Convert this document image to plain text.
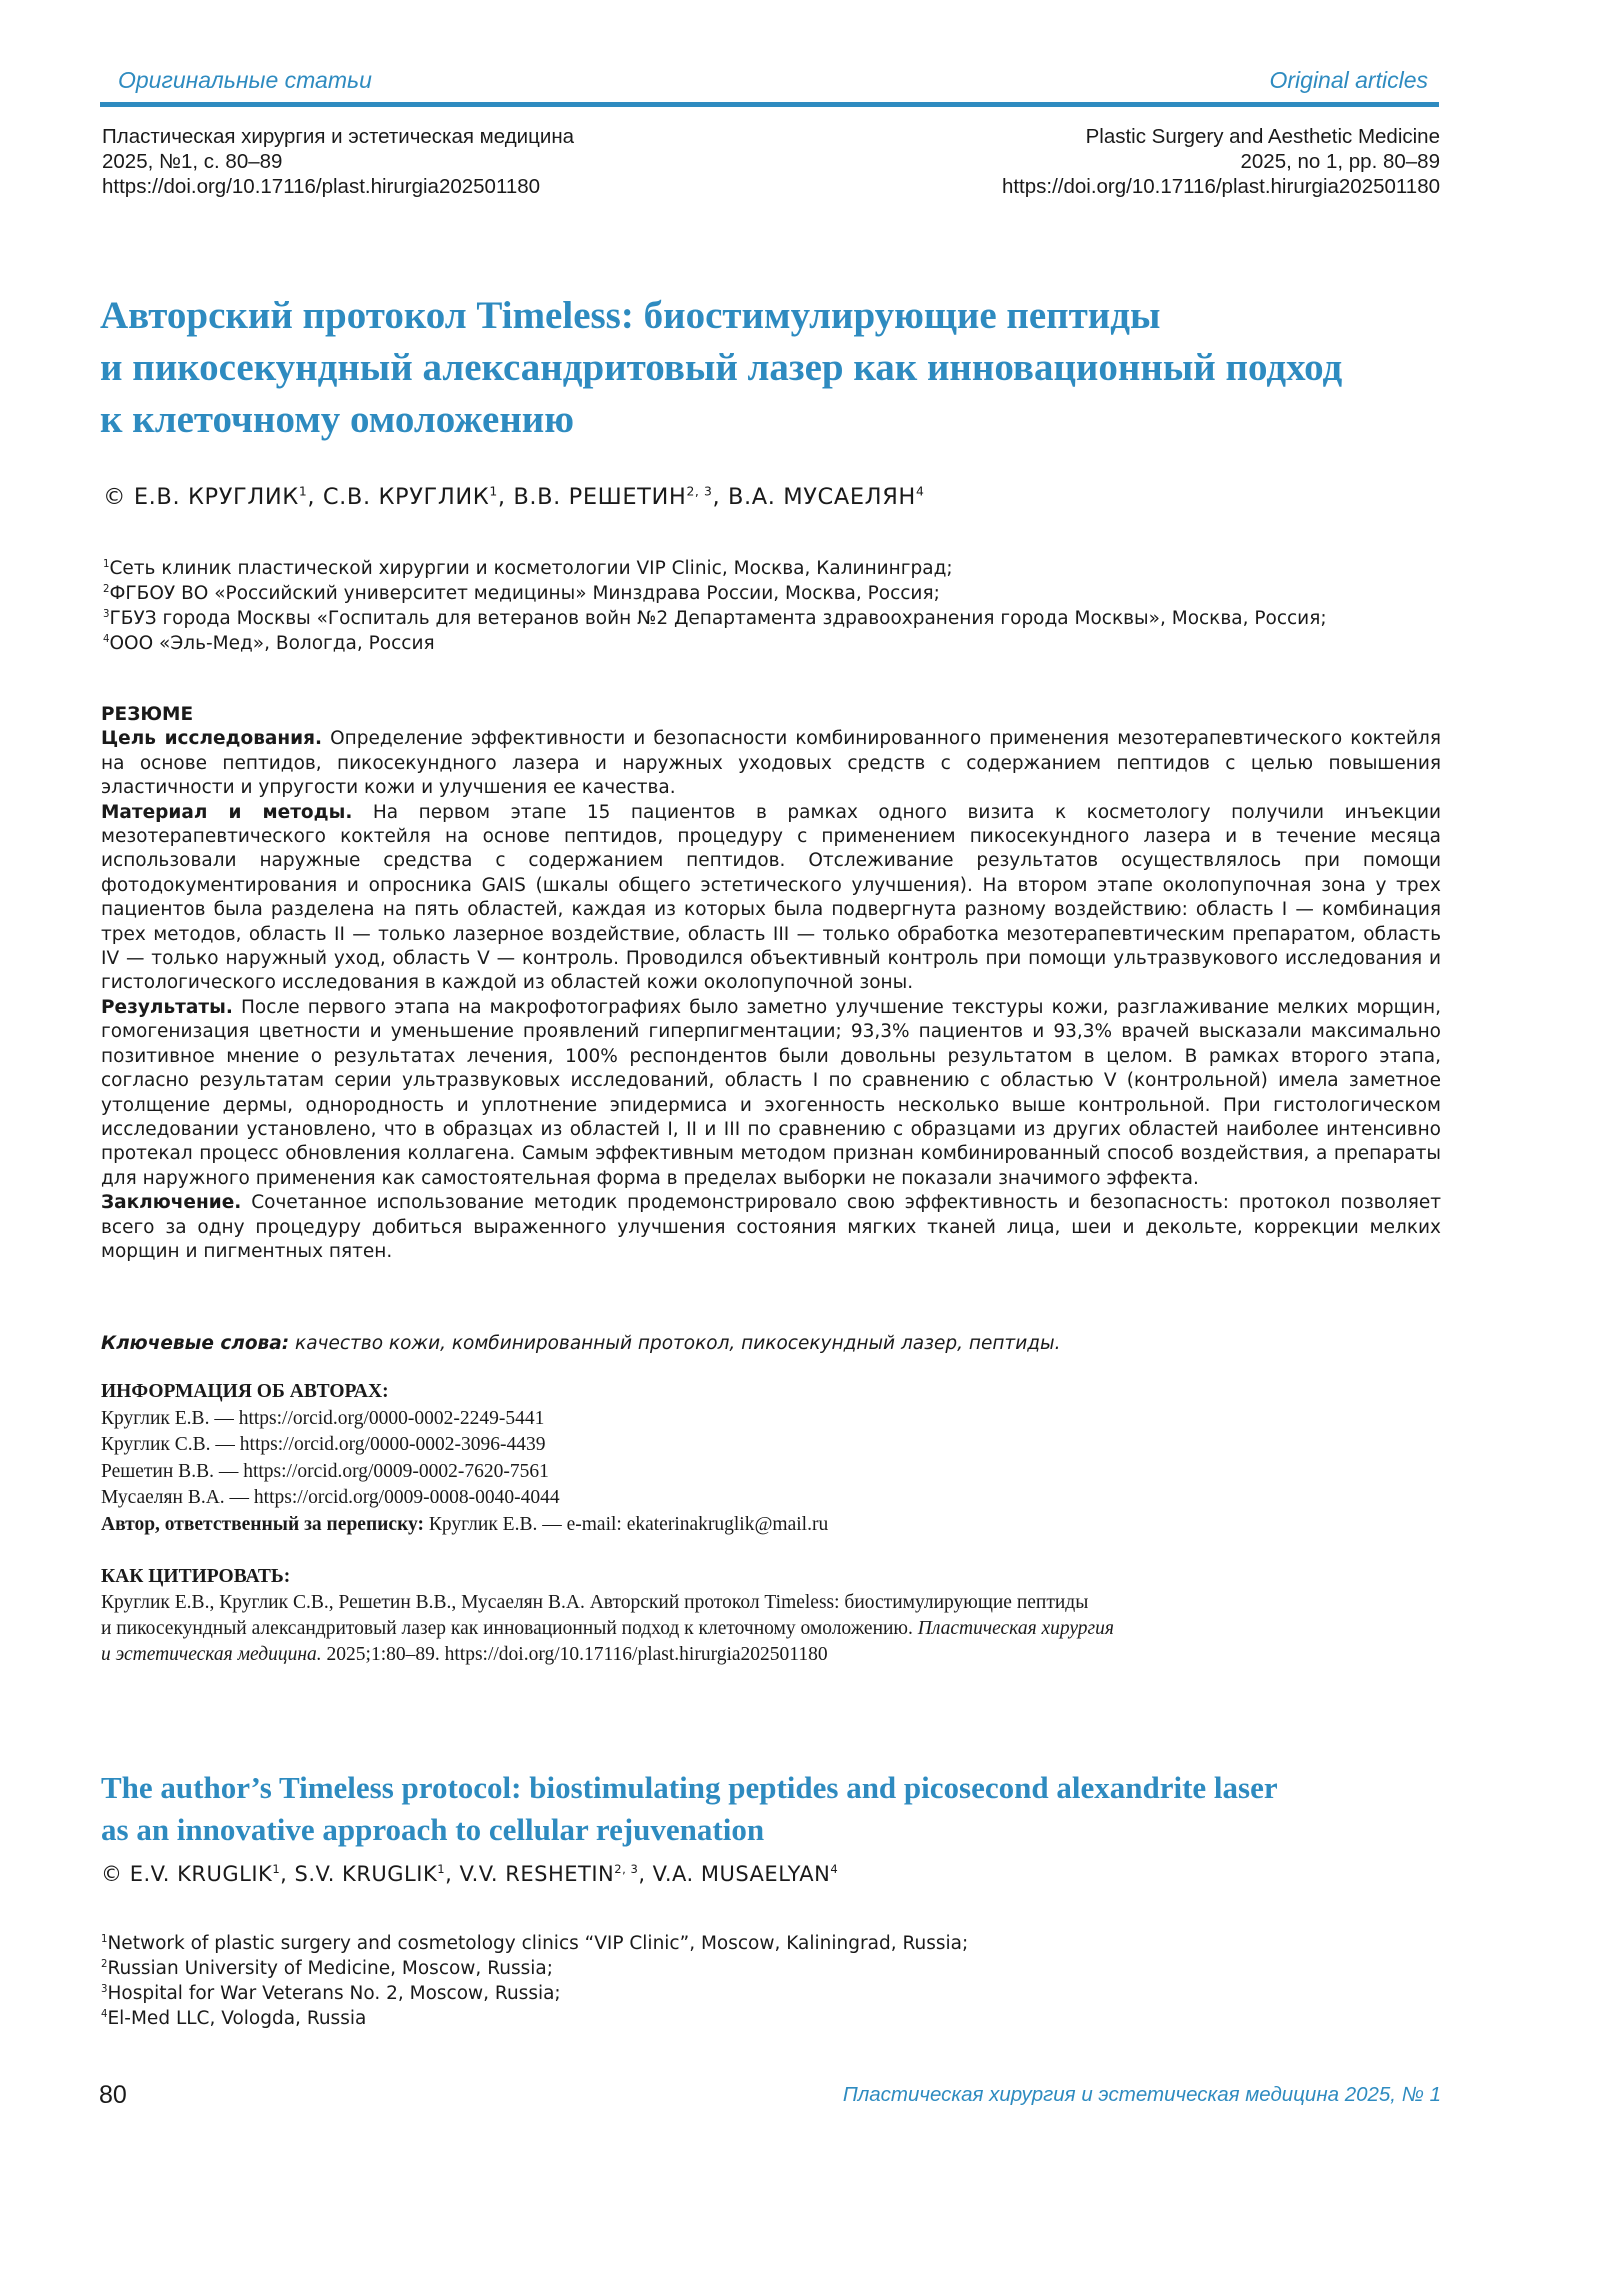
Оригинальные статьи	Original articles
Пластическая хирургия и эстетическая медицина
2025, №1, с. 80–89
https://doi.org/10.17116/plast.hirurgia202501180
Plastic Surgery and Aesthetic Medicine
2025, no 1, pp. 80–89
https://doi.org/10.17116/plast.hirurgia202501180
Авторский протокол Timeless: биостимулирующие пептиды
и пикосекундный александритовый лазер как инновационный подход
к клеточному омоложению
© Е.В. КРУГЛИК$^1$, С.В. КРУГЛИК$^1$, В.В. РЕШЕТИН$^{2, 3}$, В.А. МУСАЕЛЯН$^4$
$^1$Сеть клиник пластической хирургии и косметологии VIP Clinic, Москва, Калининград;
$^2$ФГБОУ ВО «Российский университет медицины» Минздрава России, Москва, Россия;
$^3$ГБУЗ города Москвы «Госпиталь для ветеранов войн №2 Департамента здравоохранения города Москвы», Москва, Россия;
$^4$ООО «Эль-Мед», Вологда, Россия
РЕЗЮМЕ

Цель исследования. Определение эффективности и безопасности комбинированного применения мезотерапевтического коктейля на основе пептидов, пикосекундного лазера и наружных уходовых средств с содержанием пептидов с целью повышения эластичности и упругости кожи и улучшения ее качества.

Материал и методы. На первом этапе 15 пациентов в рамках одного визита к косметологу получили инъекции мезотерапевтического коктейля на основе пептидов, процедуру с применением пикосекундного лазера и в течение месяца использовали наружные средства с содержанием пептидов. Отслеживание результатов осуществлялось при помощи фотодокументирования и опросника GAIS (шкалы общего эстетического улучшения). На втором этапе околопупочная зона у трех пациентов была разделена на пять областей, каждая из которых была подвергнута разному воздействию: область I — комбинация трех методов, область II — только лазерное воздействие, область III — только обработка мезотерапевтическим препаратом, область IV — только наружный уход, область V — контроль. Проводился объективный контроль при помощи ультразвукового исследования и гистологического исследования в каждой из областей кожи околопупочной зоны.

Результаты. После первого этапа на макрофотографиях было заметно улучшение текстуры кожи, разглаживание мелких морщин, гомогенизация цветности и уменьшение проявлений гиперпигментации; 93,3% пациентов и 93,3% врачей высказали максимально позитивное мнение о результатах лечения, 100% респондентов были довольны результатом в целом. В рамках второго этапа, согласно результатам серии ультразвуковых исследований, область I по сравнению с областью V (контрольной) имела заметное утолщение дермы, однородность и уплотнение эпидермиса и эхогенность несколько выше контрольной. При гистологическом исследовании установлено, что в образцах из областей I, II и III по сравнению с образцами из других областей наиболее интенсивно протекал процесс обновления коллагена. Самым эффективным методом признан комбинированный способ воздействия, а препараты для наружного применения как самостоятельная форма в пределах выборки не показали значимого эффекта.

Заключение. Сочетанное использование методик продемонстрировало свою эффективность и безопасность: протокол позволяет всего за одну процедуру добиться выраженного улучшения состояния мягких тканей лица, шеи и декольте, коррекции мелких морщин и пигментных пятен.

Ключевые слова: качество кожи, комбинированный протокол, пикосекундный лазер, пептиды.
ИНФОРМАЦИЯ ОБ АВТОРАХ:
Круглик Е.В. — https://orcid.org/0000-0002-2249-5441
Круглик С.В. — https://orcid.org/0000-0002-3096-4439
Решетин В.В. — https://orcid.org/0009-0002-7620-7561
Мусаелян В.А. — https://orcid.org/0009-0008-0040-4044
Автор, ответственный за переписку: Круглик Е.В. — e-mail: ekaterinakruglik@mail.ru
КАК ЦИТИРОВАТЬ:
Круглик Е.В., Круглик С.В., Решетин В.В., Мусаелян В.А. Авторский протокол Timeless: биостимулирующие пептиды
и пикосекундный александритовый лазер как инновационный подход к клеточному омоложению. Пластическая хирургия
и эстетическая медицина. 2025;1:80–89. https://doi.org/10.17116/plast.hirurgia202501180
The author’s Timeless protocol: biostimulating peptides and picosecond alexandrite laser
as an innovative approach to cellular rejuvenation
© E.V. KRUGLIK$^1$, S.V. KRUGLIK$^1$, V.V. RESHETIN$^{2, 3}$, V.A. MUSAELYAN$^4$
$^1$Network of plastic surgery and cosmetology clinics “VIP Clinic”, Moscow, Kaliningrad, Russia;
$^2$Russian University of Medicine, Moscow, Russia;
$^3$Hospital for War Veterans No. 2, Moscow, Russia;
$^4$El-Med LLC, Vologda, Russia
80	Пластическая хирургия и эстетическая медицина 2025, № 1
